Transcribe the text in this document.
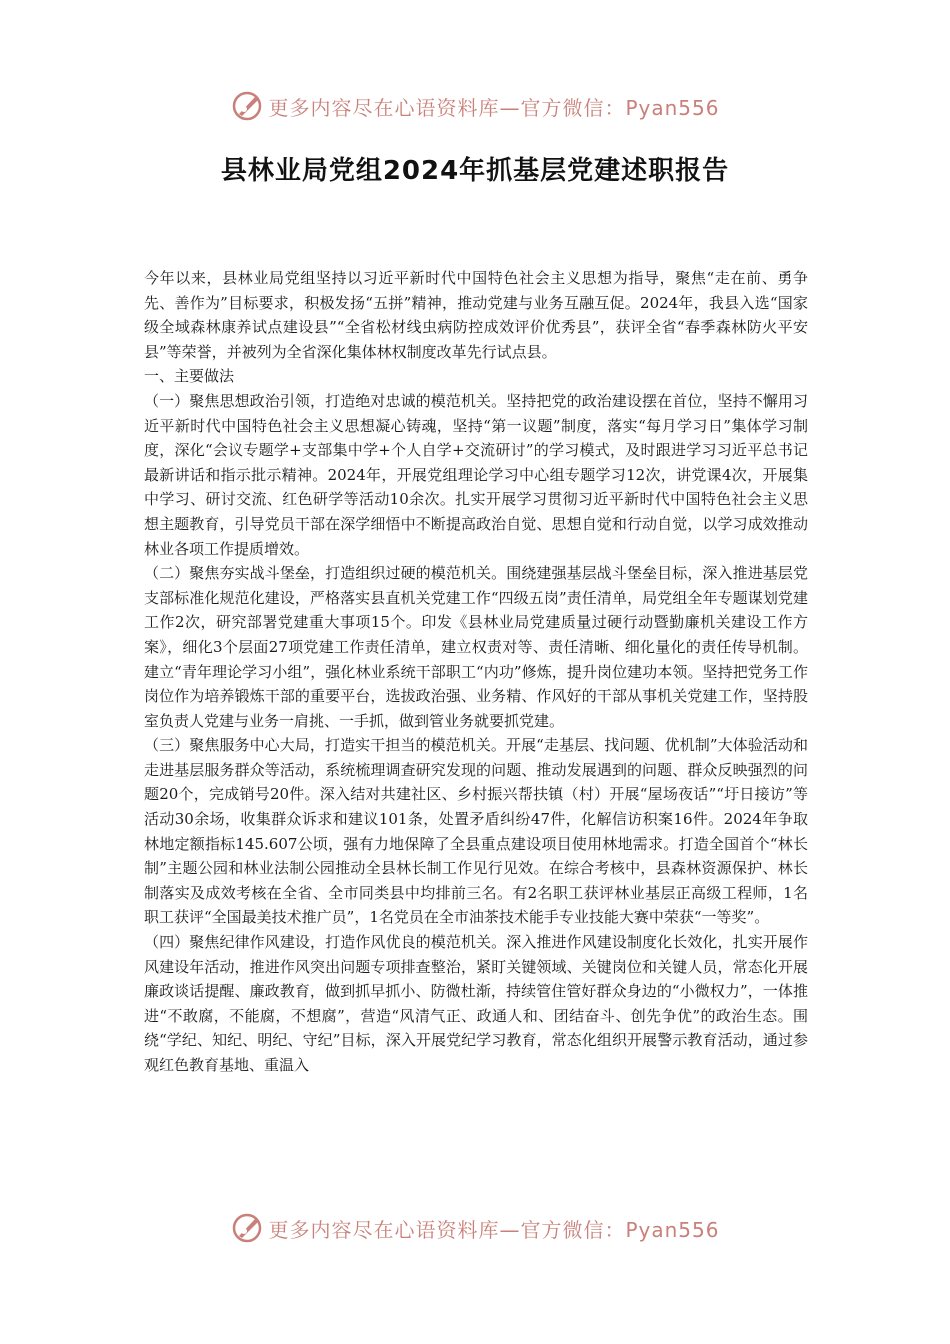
更多内容尽在心语资料库—官方微信：Pyan556
县林业局党组2024年抓基层党建述职报告

今年以来，县林业局党组坚持以习近平新时代中国特色社会主义思想为指导，聚焦“走在前、勇争先、善作为”目标要求，积极发扬“五拼”精神，推动党建与业务互融互促。2024年，我县入选“国家级全域森林康养试点建设县”“全省松材线虫病防控成效评价优秀县”，获评全省“春季森林防火平安县”等荣誉，并被列为全省深化集体林权制度改革先行试点县。

一、主要做法

（一）聚焦思想政治引领，打造绝对忠诚的模范机关。坚持把党的政治建设摆在首位，坚持不懈用习近平新时代中国特色社会主义思想凝心铸魂，坚持“第一议题”制度，落实“每月学习日”集体学习制度，深化“会议专题学+支部集中学+个人自学+交流研讨”的学习模式，及时跟进学习习近平总书记最新讲话和指示批示精神。2024年，开展党组理论学习中心组专题学习12次，讲党课4次，开展集中学习、研讨交流、红色研学等活动10余次。扎实开展学习贯彻习近平新时代中国特色社会主义思想主题教育，引导党员干部在深学细悟中不断提高政治自觉、思想自觉和行动自觉，以学习成效推动林业各项工作提质增效。

（二）聚焦夯实战斗堡垒，打造组织过硬的模范机关。围绕建强基层战斗堡垒目标，深入推进基层党支部标准化规范化建设，严格落实县直机关党建工作“四级五岗”责任清单，局党组全年专题谋划党建工作2次，研究部署党建重大事项15个。印发《县林业局党建质量过硬行动暨勤廉机关建设工作方案》，细化3个层面27项党建工作责任清单，建立权责对等、责任清晰、细化量化的责任传导机制。建立“青年理论学习小组”，强化林业系统干部职工“内功”修炼，提升岗位建功本领。坚持把党务工作岗位作为培养锻炼干部的重要平台，选拔政治强、业务精、作风好的干部从事机关党建工作，坚持股室负责人党建与业务一肩挑、一手抓，做到管业务就要抓党建。

（三）聚焦服务中心大局，打造实干担当的模范机关。开展“走基层、找问题、优机制”大体验活动和走进基层服务群众等活动，系统梳理调查研究发现的问题、推动发展遇到的问题、群众反映强烈的问题20个，完成销号20件。深入结对共建社区、乡村振兴帮扶镇（村）开展“屋场夜话”“圩日接访”等活动30余场，收集群众诉求和建议101条，处置矛盾纠纷47件，化解信访积案16件。2024年争取林地定额指标145.607公顷，强有力地保障了全县重点建设项目使用林地需求。打造全国首个“林长制”主题公园和林业法制公园推动全县林长制工作见行见效。在综合考核中，县森林资源保护、林长制落实及成效考核在全省、全市同类县中均排前三名。有2名职工获评林业基层正高级工程师，1名职工获评“全国最美技术推广员”，1名党员在全市油茶技术能手专业技能大赛中荣获“一等奖”。

（四）聚焦纪律作风建设，打造作风优良的模范机关。深入推进作风建设制度化长效化，扎实开展作风建设年活动，推进作风突出问题专项排查整治，紧盯关键领域、关键岗位和关键人员，常态化开展廉政谈话提醒、廉政教育，做到抓早抓小、防微杜渐，持续管住管好群众身边的“小微权力”，一体推进“不敢腐，不能腐，不想腐”，营造“风清气正、政通人和、团结奋斗、创先争优”的政治生态。围绕“学纪、知纪、明纪、守纪”目标，深入开展党纪学习教育，常态化组织开展警示教育活动，通过参观红色教育基地、重温入

更多内容尽在心语资料库—官方微信：Pyan556
